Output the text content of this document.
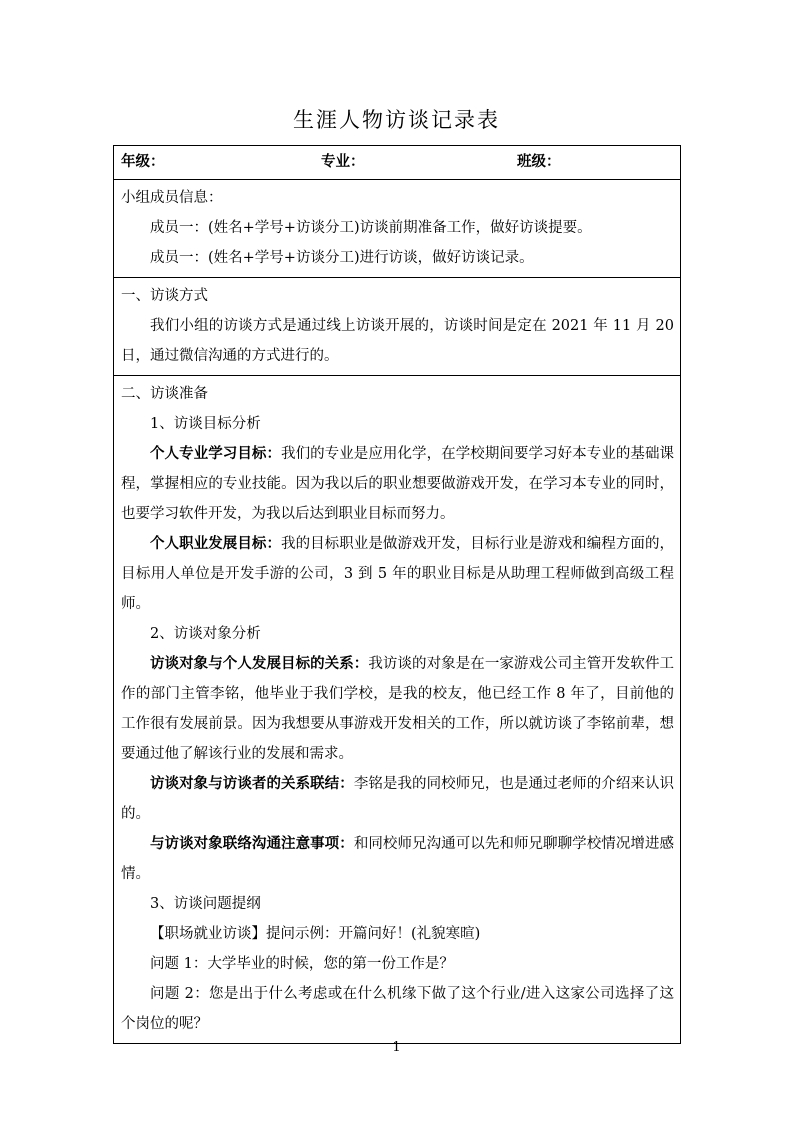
生涯人物访谈记录表
年级：	专业：	班级：

小组成员信息：

成员一：(姓名+学号+访谈分工)访谈前期准备工作，做好访谈提要。

成员一：(姓名+学号+访谈分工)进行访谈，做好访谈记录。

一、访谈方式

我们小组的访谈方式是通过线上访谈开展的，访谈时间是定在 2021 年 11 月 20 日，通过微信沟通的方式进行的。

二、访谈准备

1、访谈目标分析

个人专业学习目标：我们的专业是应用化学，在学校期间要学习好本专业的基础课程，掌握相应的专业技能。因为我以后的职业想要做游戏开发，在学习本专业的同时，也要学习软件开发，为我以后达到职业目标而努力。

个人职业发展目标：我的目标职业是做游戏开发，目标行业是游戏和编程方面的，目标用人单位是开发手游的公司，3 到 5 年的职业目标是从助理工程师做到高级工程师。

2、访谈对象分析

访谈对象与个人发展目标的关系：我访谈的对象是在一家游戏公司主管开发软件工作的部门主管李铭，他毕业于我们学校，是我的校友，他已经工作 8 年了，目前他的工作很有发展前景。因为我想要从事游戏开发相关的工作，所以就访谈了李铭前辈，想要通过他了解该行业的发展和需求。

访谈对象与访谈者的关系联结：李铭是我的同校师兄，也是通过老师的介绍来认识的。

与访谈对象联络沟通注意事项：和同校师兄沟通可以先和师兄聊聊学校情况增进感情。

3、访谈问题提纲

【职场就业访谈】提问示例：开篇问好！(礼貌寒暄)

问题 1：大学毕业的时候，您的第一份工作是？

问题 2：您是出于什么考虑或在什么机缘下做了这个行业/进入这家公司选择了这个岗位的呢？

1
